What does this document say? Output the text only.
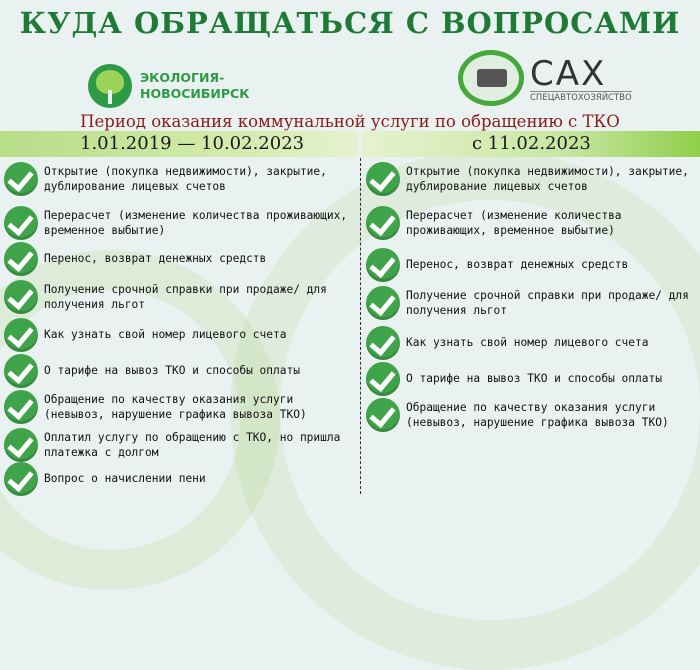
КУДА ОБРАЩАТЬСЯ С ВОПРОСАМИ
ЭКОЛОГИЯ-
НОВОСИБИРСК	САХ
СПЕЦАВТОХОЗЯЙСТВО
Период оказания коммунальной услуги по обращению с ТКО
1.01.2019 — 10.02.2023	с 11.02.2023
Открытие (покупка недвижимости), закрытие, дублирование лицевых счетов
Перерасчет (изменение количества проживающих, временное выбытие)
Перенос, возврат денежных средств
Получение срочной справки при продаже/ для получения льгот
Как узнать свой номер лицевого счета
О тарифе на вывоз ТКО и способы оплаты
Обращение по качеству оказания услуги (невывоз, нарушение графика вывоза ТКО)
Оплатил услугу по обращению с ТКО, но пришла платежка с долгом
Вопрос о начислении пени
Открытие (покупка недвижимости), закрытие, дублирование лицевых счетов
Перерасчет (изменение количества проживающих, временное выбытие)
Перенос, возврат денежных средств
Получение срочной справки при продаже/ для получения льгот
Как узнать свой номер лицевого счета
О тарифе на вывоз ТКО и способы оплаты
Обращение по качеству оказания услуги (невывоз, нарушение графика вывоза ТКО)
